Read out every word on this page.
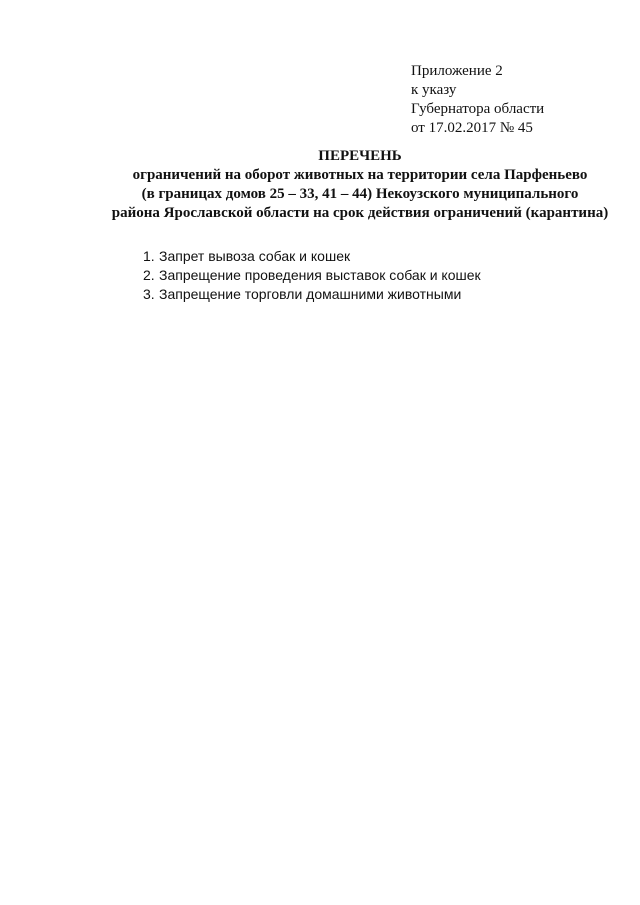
Приложение 2
к указу
Губернатора области
от 17.02.2017 № 45
ПЕРЕЧЕНЬ
ограничений на оборот животных на территории села Парфеньево
(в границах домов 25 – 33, 41 – 44) Некоузского муниципального
района Ярославской области на срок действия ограничений (карантина)
1. Запрет вывоза собак и кошек
2. Запрещение проведения выставок собак и кошек
3. Запрещение торговли домашними животными
